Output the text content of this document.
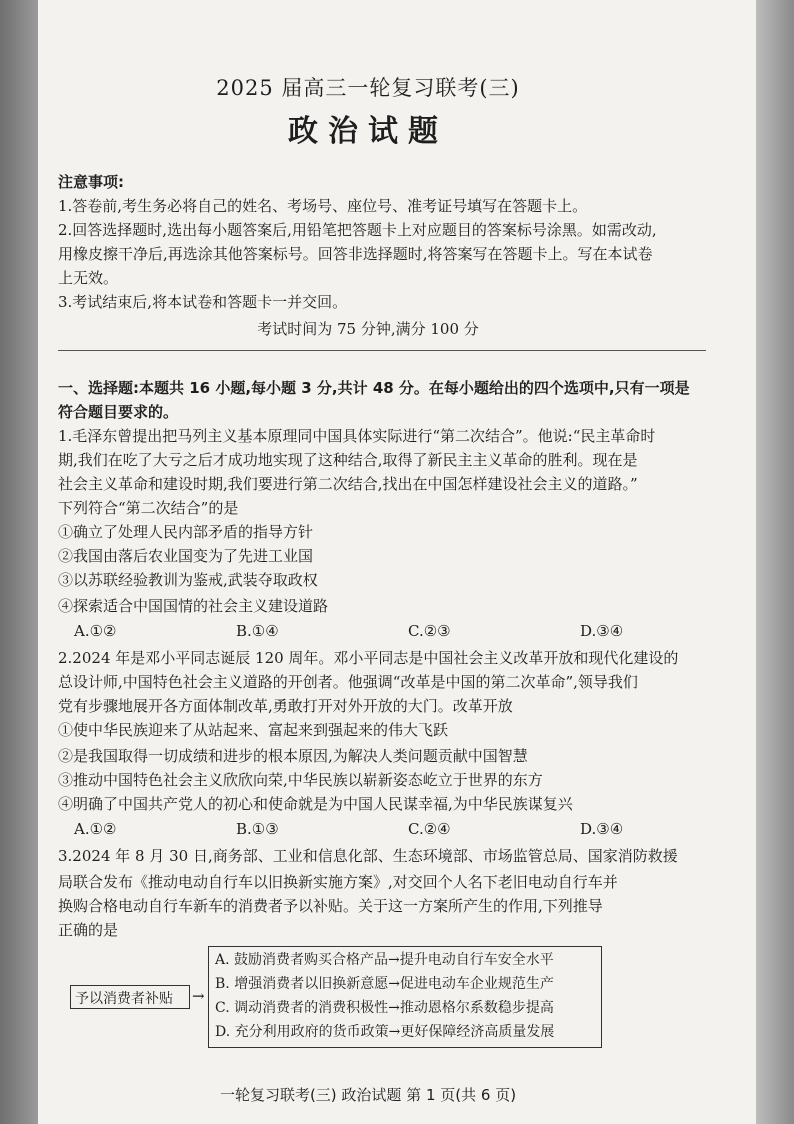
2025 届高三一轮复习联考(三)
政治试题
注意事项:
1.答卷前,考生务必将自己的姓名、考场号、座位号、准考证号填写在答题卡上。
2.回答选择题时,选出每小题答案后,用铅笔把答题卡上对应题目的答案标号涂黑。如需改动,
用橡皮擦干净后,再选涂其他答案标号。回答非选择题时,将答案写在答题卡上。写在本试卷
上无效。
3.考试结束后,将本试卷和答题卡一并交回。
考试时间为 75 分钟,满分 100 分
一、选择题:本题共 16 小题,每小题 3 分,共计 48 分。在每小题给出的四个选项中,只有一项是
符合题目要求的。
1.毛泽东曾提出把马列主义基本原理同中国具体实际进行“第二次结合”。他说:“民主革命时
期,我们在吃了大亏之后才成功地实现了这种结合,取得了新民主主义革命的胜利。现在是
社会主义革命和建设时期,我们要进行第二次结合,找出在中国怎样建设社会主义的道路。”
下列符合“第二次结合”的是
①确立了处理人民内部矛盾的指导方针
②我国由落后农业国变为了先进工业国
③以苏联经验教训为鉴戒,武装夺取政权
④探索适合中国国情的社会主义建设道路
A.①②	B.①④	C.②③	D.③④
2.2024 年是邓小平同志诞辰 120 周年。邓小平同志是中国社会主义改革开放和现代化建设的
总设计师,中国特色社会主义道路的开创者。他强调“改革是中国的第二次革命”,领导我们
党有步骤地展开各方面体制改革,勇敢打开对外开放的大门。改革开放
①使中华民族迎来了从站起来、富起来到强起来的伟大飞跃
②是我国取得一切成绩和进步的根本原因,为解决人类问题贡献中国智慧
③推动中国特色社会主义欣欣向荣,中华民族以崭新姿态屹立于世界的东方
④明确了中国共产党人的初心和使命就是为中国人民谋幸福,为中华民族谋复兴
A.①②	B.①③	C.②④	D.③④
3.2024 年 8 月 30 日,商务部、工业和信息化部、生态环境部、市场监管总局、国家消防救援
局联合发布《推动电动自行车以旧换新实施方案》,对交回个人名下老旧电动自行车并
换购合格电动自行车新车的消费者予以补贴。关于这一方案所产生的作用,下列推导
正确的是
予以消费者补贴 →
A. 鼓励消费者购买合格产品→提升电动自行车安全水平
B. 增强消费者以旧换新意愿→促进电动车企业规范生产
C. 调动消费者的消费积极性→推动恩格尔系数稳步提高
D. 充分利用政府的货币政策→更好保障经济高质量发展
一轮复习联考(三) 政治试题 第 1 页(共 6 页)
